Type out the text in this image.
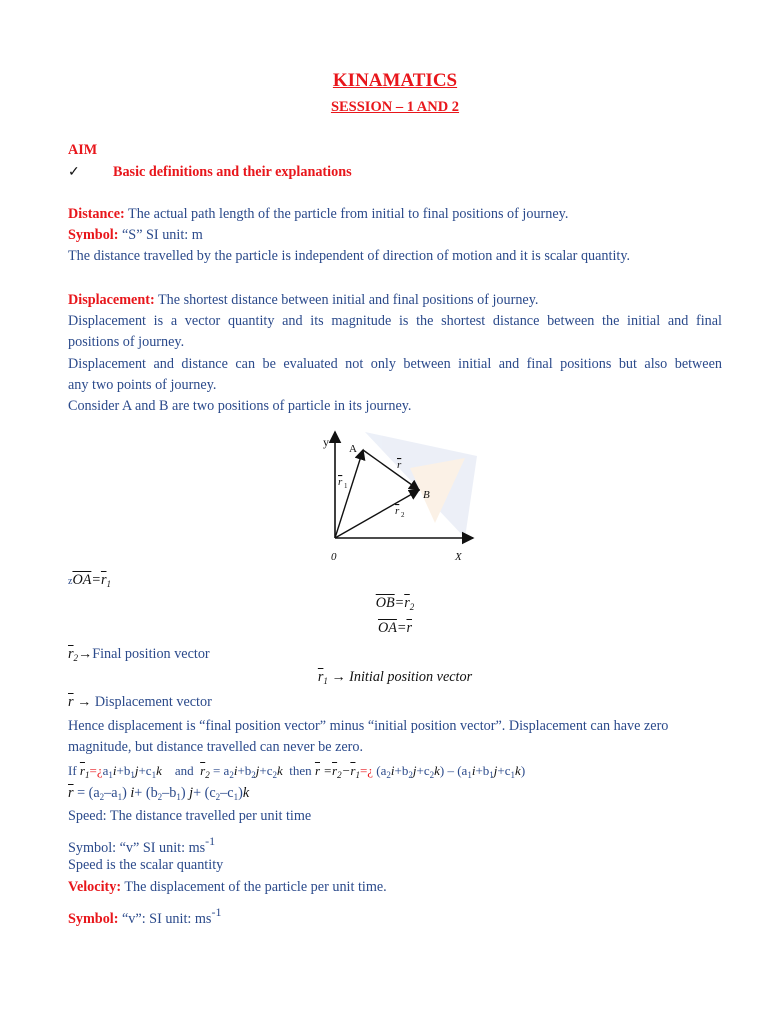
KINAMATICS
SESSION – 1 AND 2
AIM
✓ Basic definitions and their explanations
Distance: The actual path length of the particle from initial to final positions of journey.
Symbol: “S” SI unit: m
The distance travelled by the particle is independent of direction of motion and it is scalar quantity.
Displacement: The shortest distance between initial and final positions of journey.
Displacement is a vector quantity and its magnitude is the shortest distance between the initial and final
positions of journey.
Displacement and distance can be evaluated not only between initial and final positions but also between
any two points of journey.
Consider A and B are two positions of particle in its journey.
y A
B
r
r 1
r 2
0	X
$z\overline{OA}=\overline{r}_1$
$\overline{OB}=\overline{r}_2$
$\overline{OA}=\overline{r}$
$\overline{r}_2\to Final$ position vector
$\overline{r}_1$ → Initial position vector
$\overline{r}$ → Displacement vector
Hence displacement is “final position vector” minus “initial position vector”. Displacement can have zero
magnitude, but distance travelled can never be zero.
If $\overline{r}_1=¿a_1i+b_1j+c_1k$ and $\overline{r}_2 = a_2i+b_2j+c_2k$ then $\overline{r}$ $=\overline{r}_2-\overline{r}_1=¿$ $(a_2i+b_2j+c_2k) - (a_1i+b_1j+c_1k)$
$\overline{r} = (a_2-a_1)$ $i+ (b_2-b_1)$ $j+ (c_2-c_1)k$
Speed: The distance travelled per unit time
Symbol: “v” SI unit: $ms^{-1}$
Speed is the scalar quantity
Velocity: The displacement of the particle per unit time.
Symbol: “v”: SI unit: $ms^{-1}$
